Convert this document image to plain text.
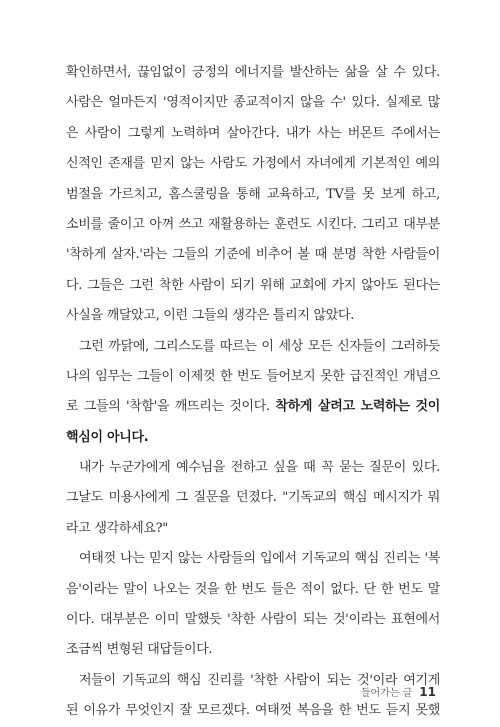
확인하면서, 끊임없이 긍정의 에너지를 발산하는 삶을 살 수 있다.
사람은 얼마든지 '영적이지만 종교적이지 않을 수' 있다. 실제로 많
은 사람이 그렇게 노력하며 살아간다. 내가 사는 버몬트 주에서는
신적인 존재를 믿지 않는 사람도 가정에서 자녀에게 기본적인 예의
범절을 가르치고, 홈스쿨링을 통해 교육하고, TV를 못 보게 하고,
소비를 줄이고 아껴 쓰고 재활용하는 훈련도 시킨다. 그리고 대부분
'착하게 살자.'라는 그들의 기준에 비추어 볼 때 분명 착한 사람들이
다. 그들은 그런 착한 사람이 되기 위해 교회에 가지 않아도 된다는
사실을 깨달았고, 이런 그들의 생각은 틀리지 않았다.
그런 까닭에, 그리스도를 따르는 이 세상 모든 신자들이 그러하듯
나의 임무는 그들이 이제껏 한 번도 들어보지 못한 급진적인 개념으
로 그들의 '착함'을 깨뜨리는 것이다. 착하게 살려고 노력하는 것이
핵심이 아니다.
내가 누군가에게 예수님을 전하고 싶을 때 꼭 묻는 질문이 있다.
그날도 미용사에게 그 질문을 던졌다. "기독교의 핵심 메시지가 뭐
라고 생각하세요?"
여태껏 나는 믿지 않는 사람들의 입에서 기독교의 핵심 진리는 '복
음'이라는 말이 나오는 것을 한 번도 들은 적이 없다. 단 한 번도 말
이다. 대부분은 이미 말했듯 '착한 사람이 되는 것'이라는 표현에서
조금씩 변형된 대답들이다.
저들이 기독교의 핵심 진리를 '착한 사람이 되는 것'이라 여기게
된 이유가 무엇인지 잘 모르겠다. 여태껏 복음을 한 번도 듣지 못했
들어가는 글 11
